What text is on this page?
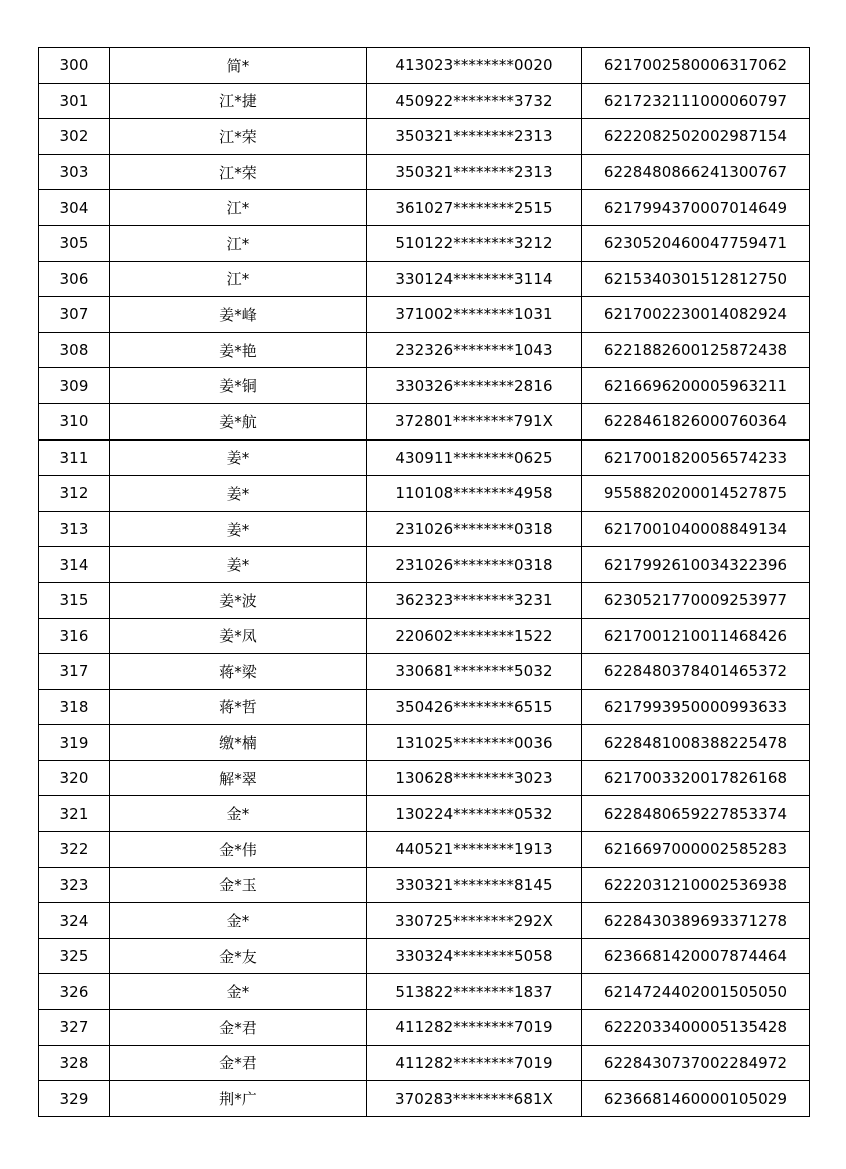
300	简*	413023********0020	6217002580006317062
301	江*捷	450922********3732	6217232111000060797
302	江*荣	350321********2313	6222082502002987154
303	江*荣	350321********2313	6228480866241300767
304	江*	361027********2515	6217994370007014649
305	江*	510122********3212	6230520460047759471
306	江*	330124********3114	6215340301512812750
307	姜*峰	371002********1031	6217002230014082924
308	姜*艳	232326********1043	6221882600125872438
309	姜*铜	330326********2816	6216696200005963211
310	姜*航	372801********791X	6228461826000760364
311	姜*	430911********0625	6217001820056574233
312	姜*	110108********4958	9558820200014527875
313	姜*	231026********0318	6217001040008849134
314	姜*	231026********0318	6217992610034322396
315	姜*波	362323********3231	6230521770009253977
316	姜*凤	220602********1522	6217001210011468426
317	蒋*梁	330681********5032	6228480378401465372
318	蒋*哲	350426********6515	6217993950000993633
319	缴*楠	131025********0036	6228481008388225478
320	解*翠	130628********3023	6217003320017826168
321	金*	130224********0532	6228480659227853374
322	金*伟	440521********1913	6216697000002585283
323	金*玉	330321********8145	6222031210002536938
324	金*	330725********292X	6228430389693371278
325	金*友	330324********5058	6236681420007874464
326	金*	513822********1837	6214724402001505050
327	金*君	411282********7019	6222033400005135428
328	金*君	411282********7019	6228430737002284972
329	荆*广	370283********681X	6236681460000105029
